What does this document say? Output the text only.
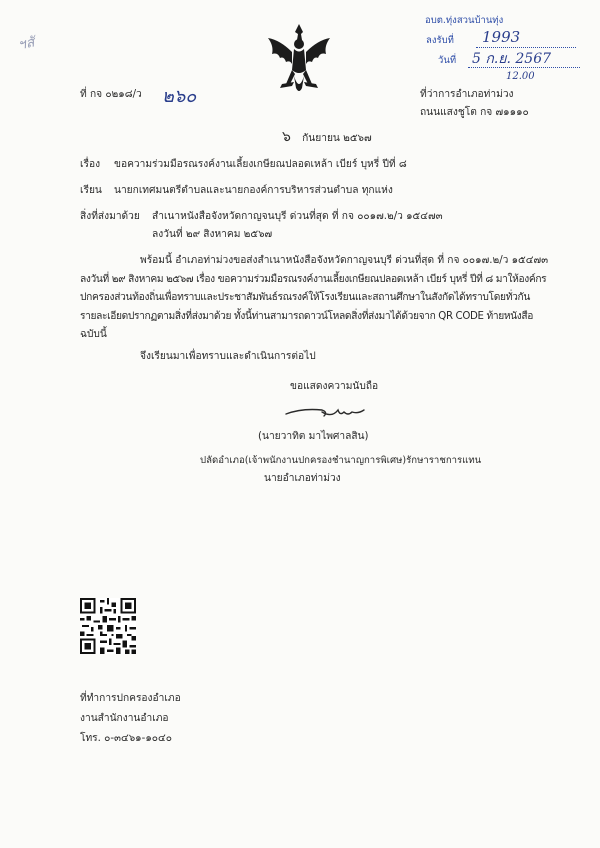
ฯสั
อบต.ทุ่งสวนบ้านทุ่ง
ลงรับที่ 1993
วันที่ 5 ก.ย. 2567
12.00
ที่ กจ ๐๒๑๘/ว ๒๖๐	ที่ว่าการอำเภอท่าม่วง
ถนนแสงชูโต กจ ๗๑๑๑๐
๖ กันยายน ๒๕๖๗
เรื่อง ขอความร่วมมือรณรงค์งานเลี้ยงเกษียณปลอดเหล้า เบียร์ บุหรี่ ปีที่ ๘
เรียน นายกเทศมนตรีตำบลและนายกองค์การบริหารส่วนตำบล ทุกแห่ง
สิ่งที่ส่งมาด้วย สำเนาหนังสือจังหวัดกาญจนบุรี ด่วนที่สุด ที่ กจ ๐๐๑๗.๒/ว ๑๕๔๗๓
ลงวันที่ ๒๙ สิงหาคม ๒๕๖๗
พร้อมนี้ อำเภอท่าม่วงขอส่งสำเนาหนังสือจังหวัดกาญจนบุรี ด่วนที่สุด ที่ กจ ๐๐๑๗.๒/ว ๑๕๔๗๓
ลงวันที่ ๒๙ สิงหาคม ๒๕๖๗ เรื่อง ขอความร่วมมือรณรงค์งานเลี้ยงเกษียณปลอดเหล้า เบียร์ บุหรี่ ปีที่ ๘ มาให้องค์กร
ปกครองส่วนท้องถิ่นเพื่อทราบและประชาสัมพันธ์รณรงค์ให้โรงเรียนและสถานศึกษาในสังกัดได้ทราบโดยทั่วกัน
รายละเอียดปรากฏตามสิ่งที่ส่งมาด้วย ทั้งนี้ท่านสามารถดาวน์โหลดสิ่งที่ส่งมาได้ด้วยจาก QR CODE ท้ายหนังสือ
ฉบับนี้
จึงเรียนมาเพื่อทราบและดำเนินการต่อไป
ขอแสดงความนับถือ
(นายวาทิต มาไพศาลสิน)
ปลัดอำเภอ(เจ้าพนักงานปกครองชำนาญการพิเศษ)รักษาราชการแทน
นายอำเภอท่าม่วง
ที่ทำการปกครองอำเภอ
งานสำนักงานอำเภอ
โทร. ๐-๓๔๖๑-๑๐๔๐
